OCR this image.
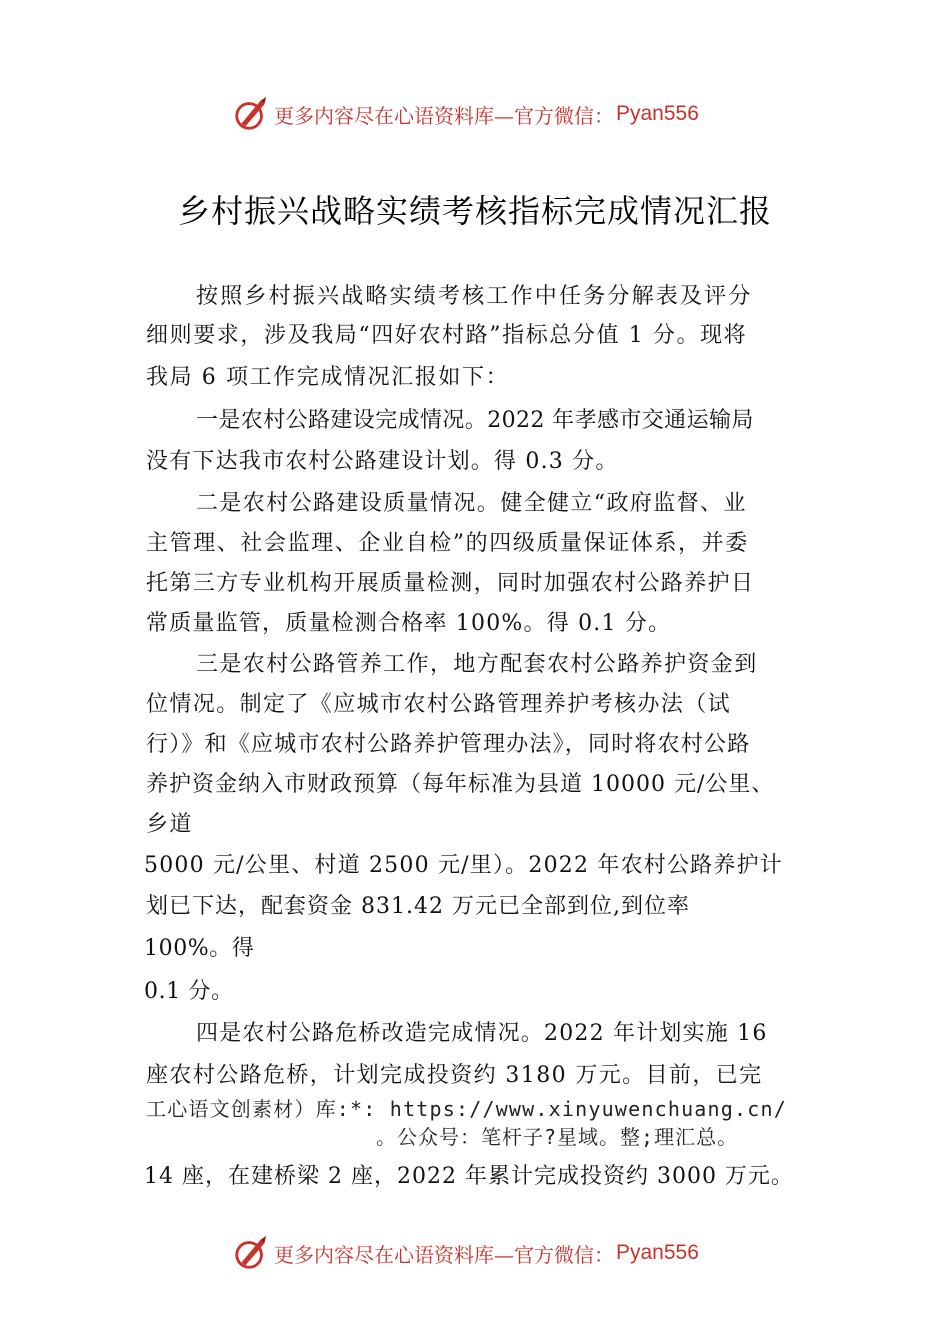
更多内容尽在心语资料库—官方微信： Pyan556
乡村振兴战略实绩考核指标完成情况汇报
按照乡村振兴战略实绩考核工作中任务分解表及评分
细则要求，涉及我局“四好农村路”指标总分值 1 分。现将
我局 6 项工作完成情况汇报如下：
一是农村公路建设完成情况。2022 年孝感市交通运输局
没有下达我市农村公路建设计划。得 0.3 分。
二是农村公路建设质量情况。健全健立“政府监督、业
主管理、社会监理、企业自检”的四级质量保证体系，并委
托第三方专业机构开展质量检测，同时加强农村公路养护日
常质量监管，质量检测合格率 100%。得 0.1 分。
三是农村公路管养工作，地方配套农村公路养护资金到
位情况。制定了《应城市农村公路管理养护考核办法（试
行）》和《应城市农村公路养护管理办法》，同时将农村公路
养护资金纳入市财政预算（每年标准为县道 10000 元/公里、
乡道
5000 元/公里、村道 2500 元/里）。2022 年农村公路养护计
划已下达，配套资金 831.42 万元已全部到位,到位率
100%。得
0.1 分。
四是农村公路危桥改造完成情况。2022 年计划实施 16
座农村公路危桥，计划完成投资约 3180 万元。目前，已完
工心语文创素材）库:*: https://www.xinyuwenchuang.cn/
。公众号：笔杆子?星域。整;理汇总。
14 座，在建桥梁 2 座，2022 年累计完成投资约 3000 万元。
更多内容尽在心语资料库—官方微信： Pyan556
